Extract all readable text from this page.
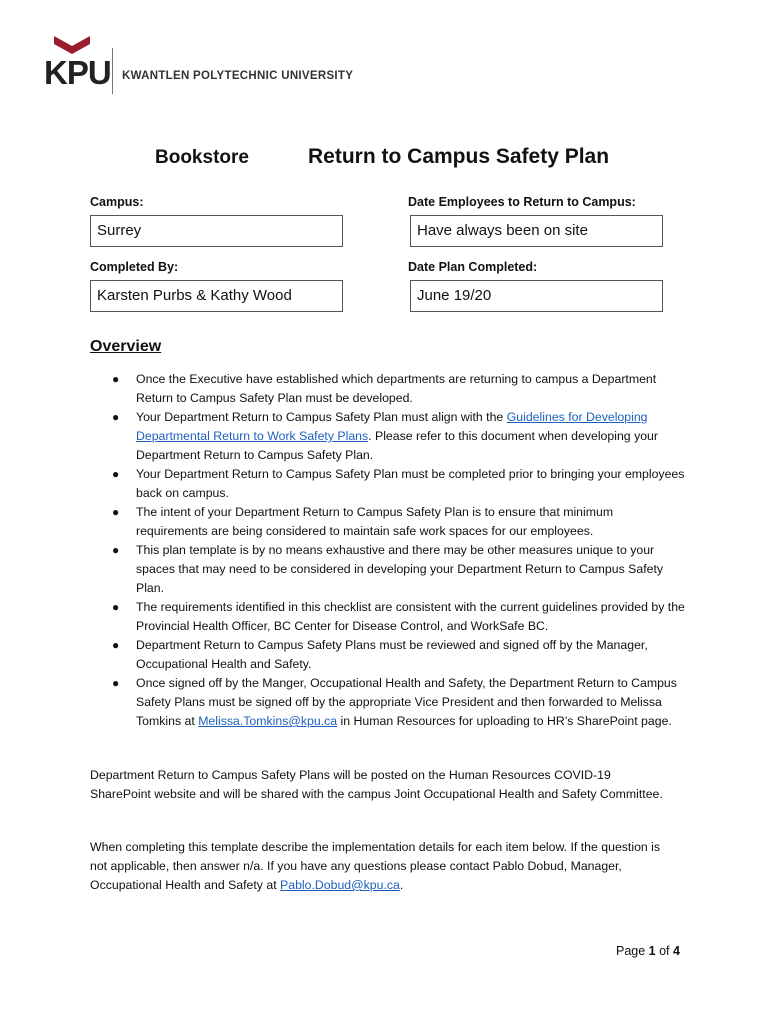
KPU KWANTLEN POLYTECHNIC UNIVERSITY
Bookstore	Return to Campus Safety Plan
Campus:
Surrey
Date Employees to Return to Campus:
Have always been on site
Completed By:
Karsten Purbs & Kathy Wood
Date Plan Completed:
June 19/20
Overview
● Once the Executive have established which departments are returning to campus a Department Return to Campus Safety Plan must be developed.
● Your Department Return to Campus Safety Plan must align with the Guidelines for Developing Departmental Return to Work Safety Plans. Please refer to this document when developing your Department Return to Campus Safety Plan.
● Your Department Return to Campus Safety Plan must be completed prior to bringing your employees back on campus.
● The intent of your Department Return to Campus Safety Plan is to ensure that minimum requirements are being considered to maintain safe work spaces for our employees.
● This plan template is by no means exhaustive and there may be other measures unique to your spaces that may need to be considered in developing your Department Return to Campus Safety Plan.
● The requirements identified in this checklist are consistent with the current guidelines provided by the Provincial Health Officer, BC Center for Disease Control, and WorkSafe BC.
● Department Return to Campus Safety Plans must be reviewed and signed off by the Manager, Occupational Health and Safety.
● Once signed off by the Manger, Occupational Health and Safety, the Department Return to Campus Safety Plans must be signed off by the appropriate Vice President and then forwarded to Melissa Tomkins at Melissa.Tomkins@kpu.ca in Human Resources for uploading to HR’s SharePoint page.

Department Return to Campus Safety Plans will be posted on the Human Resources COVID-19 SharePoint website and will be shared with the campus Joint Occupational Health and Safety Committee.

When completing this template describe the implementation details for each item below. If the question is not applicable, then answer n/a. If you have any questions please contact Pablo Dobud, Manager, Occupational Health and Safety at Pablo.Dobud@kpu.ca.

Page 1 of 4
